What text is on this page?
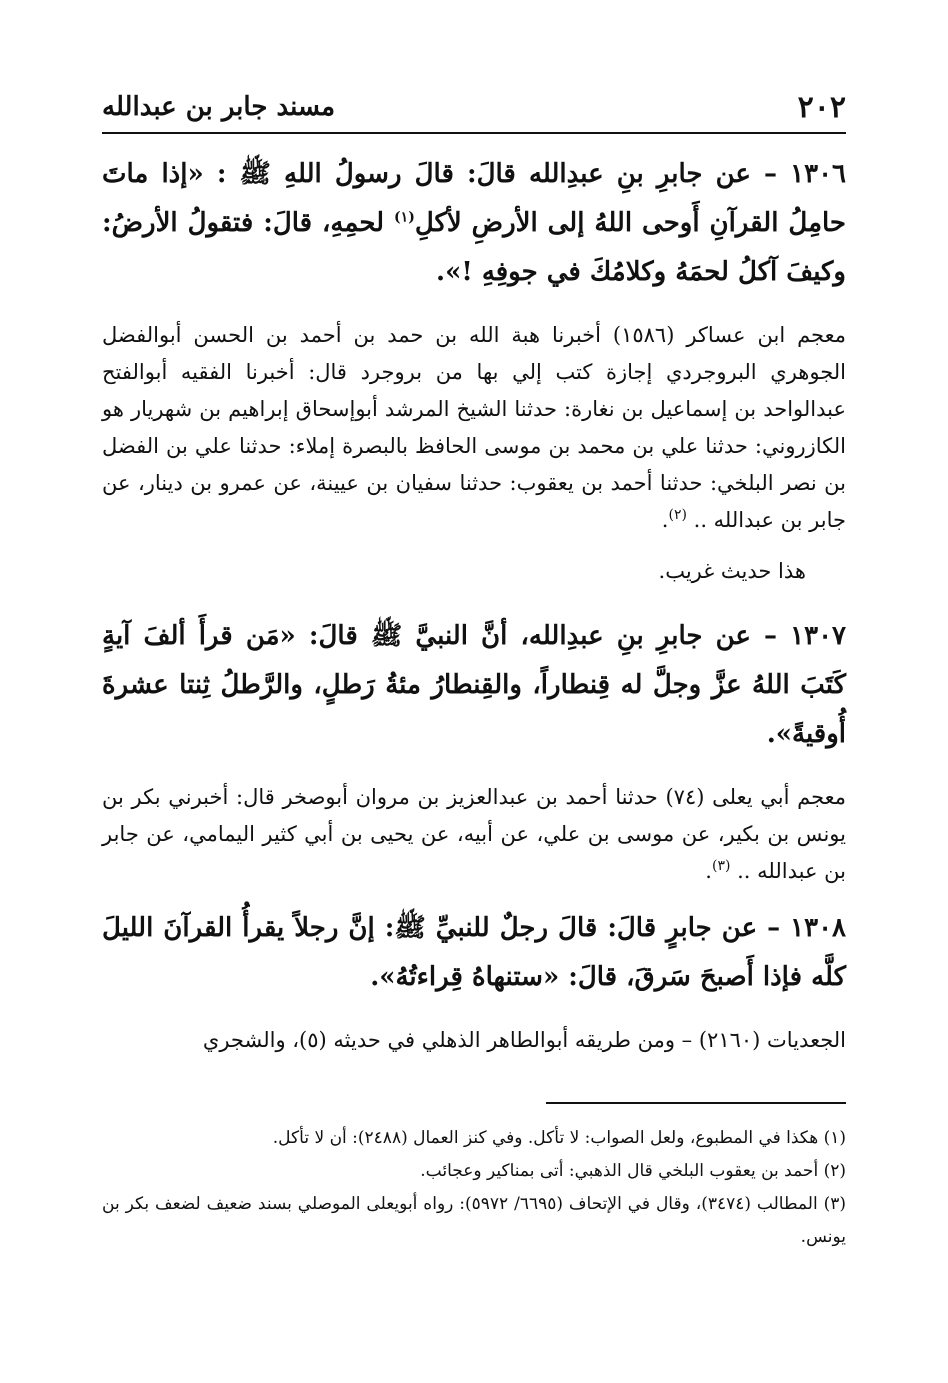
٢٠٢
مسند جابر بن عبدالله

١٣٠٦ – عن جابرِ بنِ عبدِالله قالَ: قالَ رسولُ اللهِ ﷺ : «إذا ماتَ حامِلُ القرآنِ أَوحى اللهُ إلى الأرضِ لأكلِ$^{(١)}$ لحمِهِ، قالَ: فتقولُ الأرضُ: وكيفَ آكلُ لحمَهُ وكلامُكَ في جوفِهِ !».

معجم ابن عساكر (١٥٨٦) أخبرنا هبة الله بن حمد بن أحمد بن الحسن أبوالفضل الجوهري البروجردي إجازة كتب إلي بها من بروجرد قال: أخبرنا الفقيه أبوالفتح عبدالواحد بن إسماعيل بن نغارة: حدثنا الشيخ المرشد أبوإسحاق إبراهيم بن شهريار هو الكازروني: حدثنا علي بن محمد بن موسى الحافظ بالبصرة إملاء: حدثنا علي بن الفضل بن نصر البلخي: حدثنا أحمد بن يعقوب: حدثنا سفيان بن عيينة، عن عمرو بن دينار، عن جابر بن عبدالله .. $^{(٢)}$.

هذا حديث غريب.

١٣٠٧ – عن جابرِ بنِ عبدِالله، أنَّ النبيَّ ﷺ قالَ: «مَن قرأَ ألفَ آيةٍ كَتَبَ اللهُ عزَّ وجلَّ له قِنطاراً، والقِنطارُ مئةُ رَطلٍ، والرَّطلُ ثِنتا عشرةَ أُوقيةً».

معجم أبي يعلى (٧٤) حدثنا أحمد بن عبدالعزيز بن مروان أبوصخر قال: أخبرني بكر بن يونس بن بكير، عن موسى بن علي، عن أبيه، عن يحيى بن أبي كثير اليمامي، عن جابر بن عبدالله .. $^{(٣)}$.

١٣٠٨ – عن جابرٍ قالَ: قالَ رجلٌ للنبيِّ ﷺ: إنَّ رجلاً يقرأُ القرآنَ الليلَ كلَّه فإذا أَصبحَ سَرقَ، قالَ: «ستنهاهُ قِراءتُهُ».

الجعديات (٢١٦٠) – ومن طريقه أبوالطاهر الذهلي في حديثه (٥)، والشجري

(١) هكذا في المطبوع، ولعل الصواب: لا تأكل. وفي كنز العمال (٢٤٨٨): أن لا تأكل.

(٢) أحمد بن يعقوب البلخي قال الذهبي: أتى بمناكير وعجائب.

(٣) المطالب (٣٤٧٤)، وقال في الإتحاف (٦٦٩٥/ ٥٩٧٢): رواه أبويعلى الموصلي بسند ضعيف لضعف بكر بن يونس.
